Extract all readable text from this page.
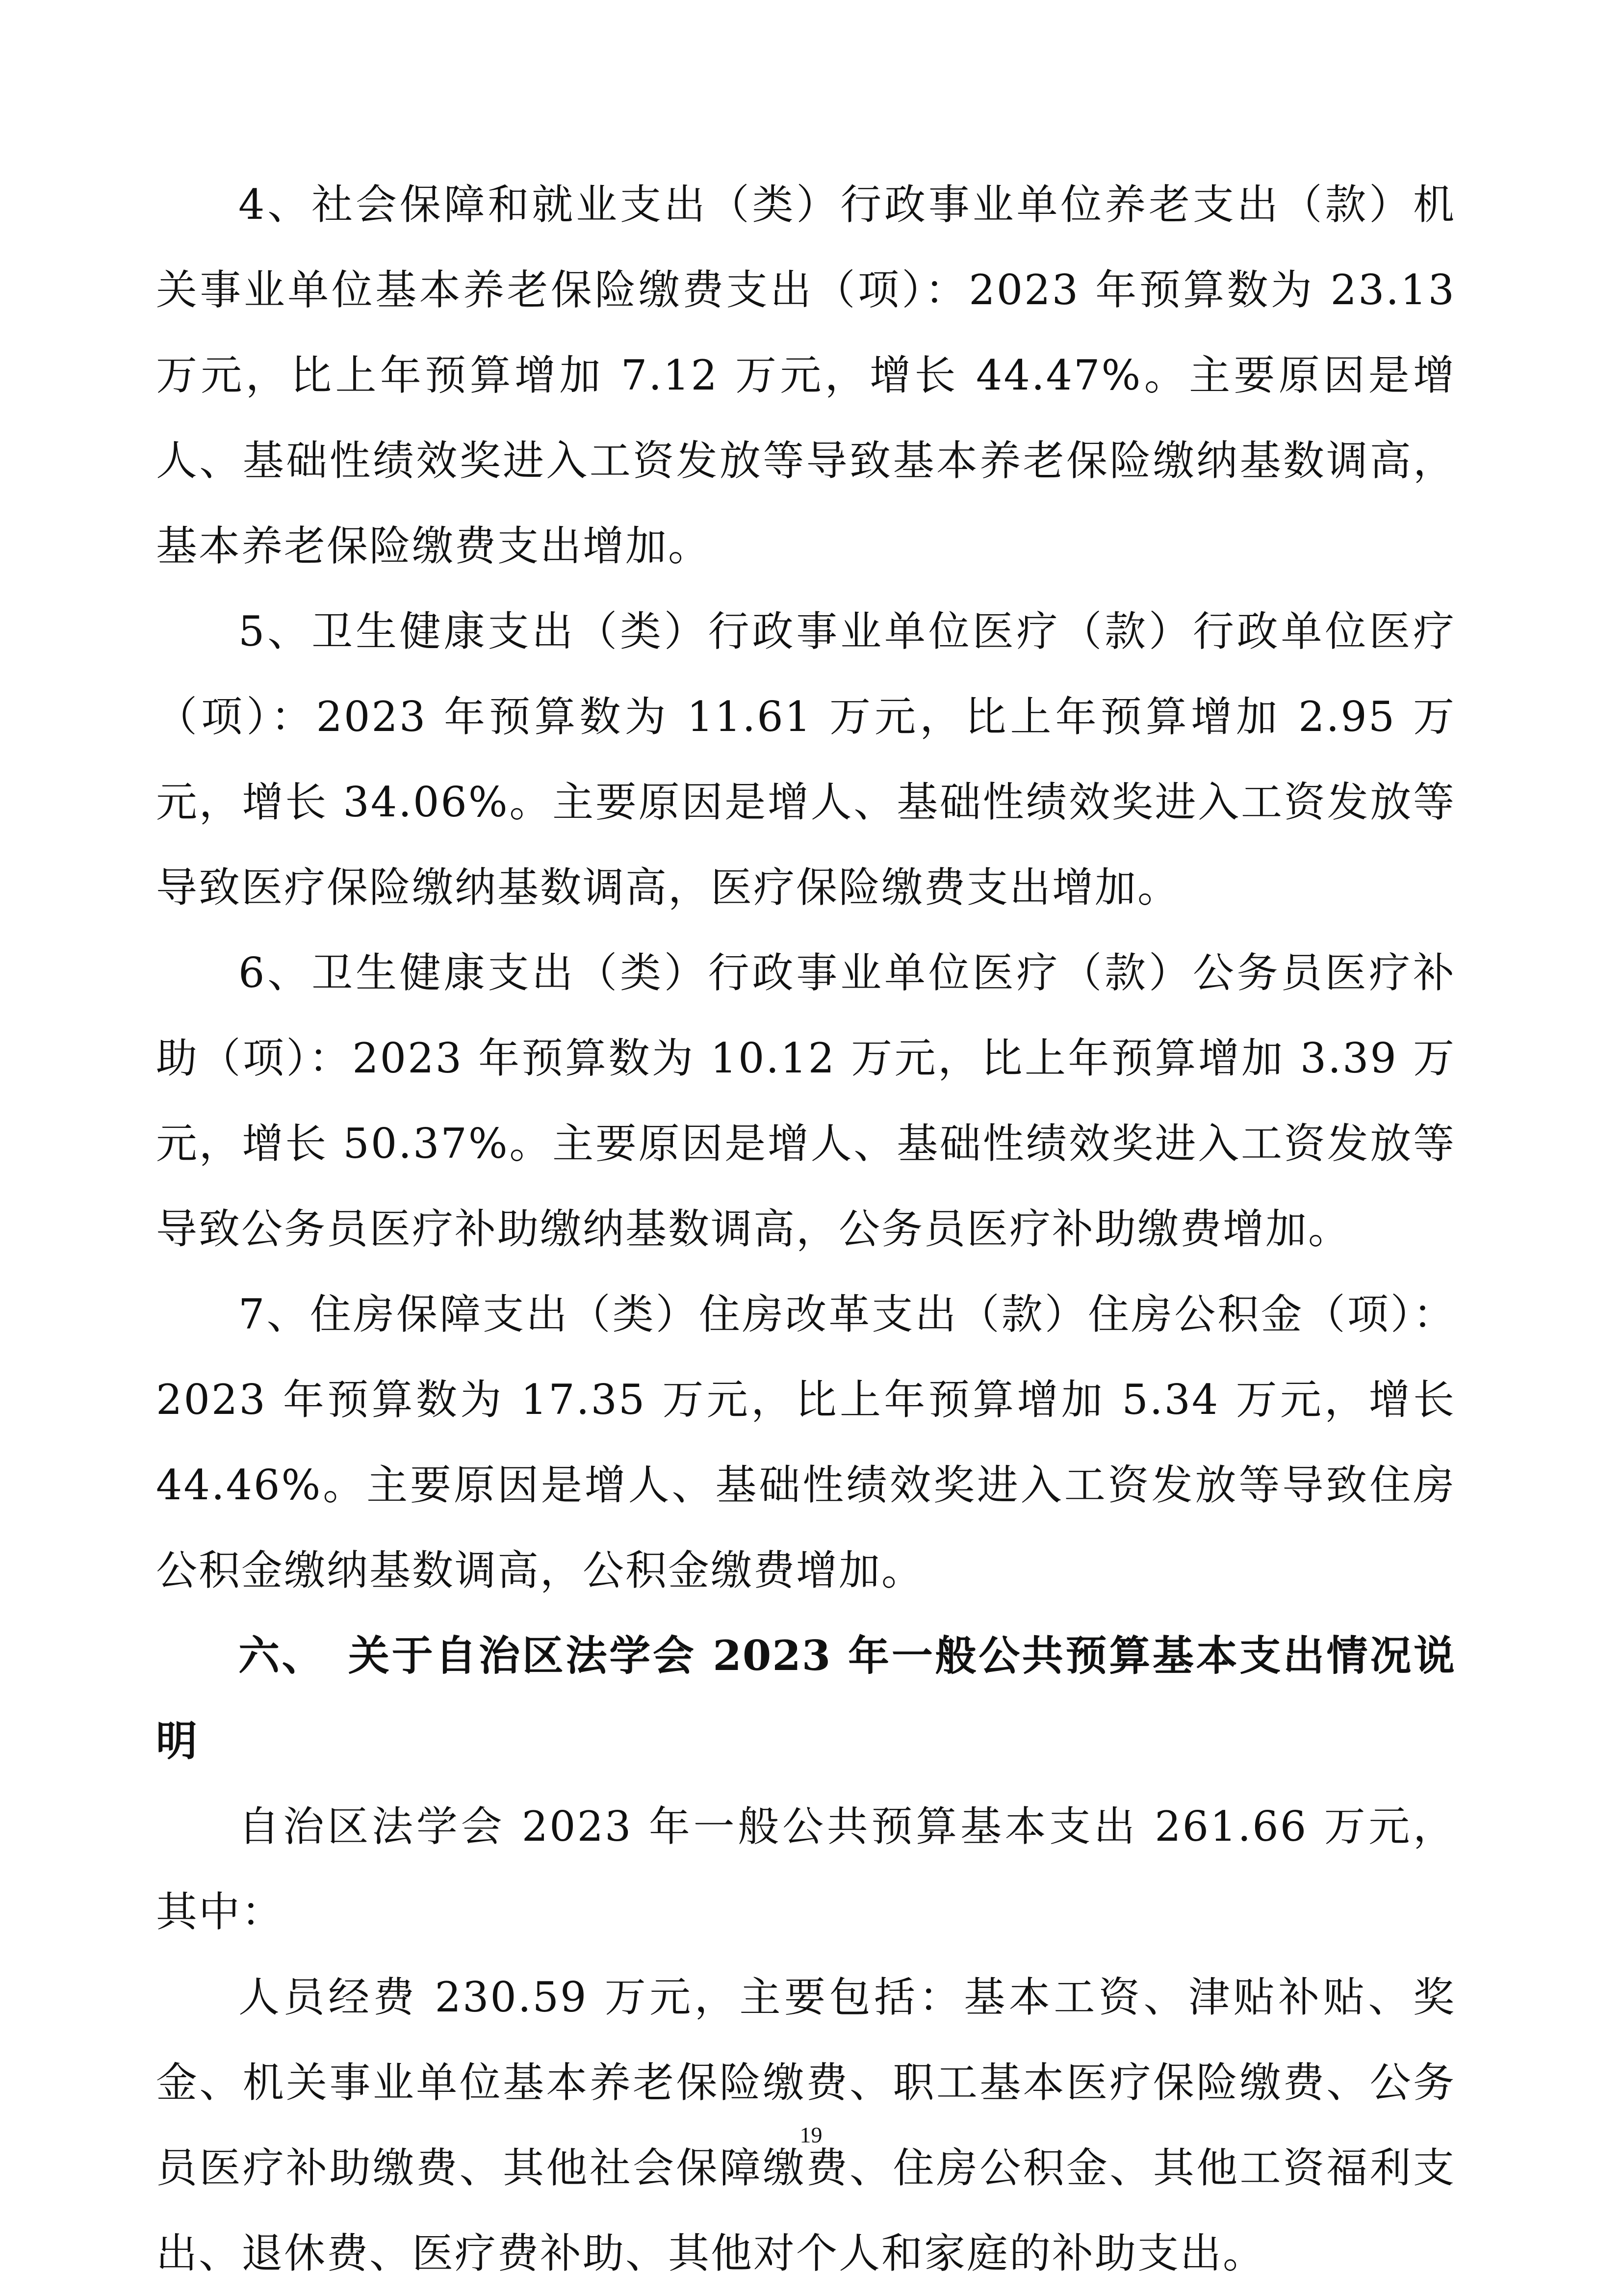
4、社会保障和就业支出（类）行政事业单位养老支出（款）机关事业单位基本养老保险缴费支出（项）：2023 年预算数为 23.13 万元，比上年预算增加 7.12 万元，增长 44.47%。主要原因是增人、基础性绩效奖进入工资发放等导致基本养老保险缴纳基数调高，基本养老保险缴费支出增加。

5、卫生健康支出（类）行政事业单位医疗（款）行政单位医疗（项）：2023 年预算数为 11.61 万元，比上年预算增加 2.95 万元，增长 34.06%。主要原因是增人、基础性绩效奖进入工资发放等导致医疗保险缴纳基数调高，医疗保险缴费支出增加。

6、卫生健康支出（类）行政事业单位医疗（款）公务员医疗补助（项）：2023 年预算数为 10.12 万元，比上年预算增加 3.39 万元，增长 50.37%。主要原因是增人、基础性绩效奖进入工资发放等导致公务员医疗补助缴纳基数调高，公务员医疗补助缴费增加。

7、住房保障支出（类）住房改革支出（款）住房公积金（项）：2023 年预算数为 17.35 万元，比上年预算增加 5.34 万元，增长 44.46%。主要原因是增人、基础性绩效奖进入工资发放等导致住房公积金缴纳基数调高，公积金缴费增加。

六、　关于自治区法学会 2023 年一般公共预算基本支出情况说明

自治区法学会 2023 年一般公共预算基本支出 261.66 万元，其中：

人员经费 230.59 万元，主要包括：基本工资、津贴补贴、奖金、机关事业单位基本养老保险缴费、职工基本医疗保险缴费、公务员医疗补助缴费、其他社会保障缴费、住房公积金、其他工资福利支出、退休费、医疗费补助、其他对个人和家庭的补助支出。

19
